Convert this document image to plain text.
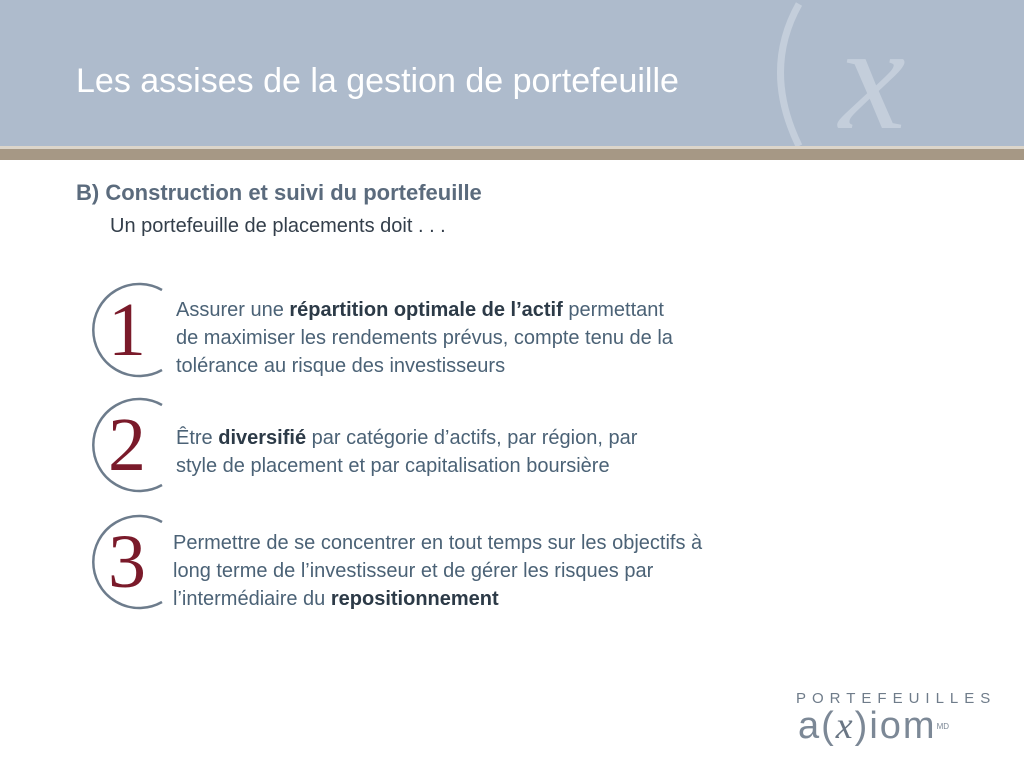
x
Les assises de la gestion de portefeuille
B) Construction et suivi du portefeuille

Un portefeuille de placements doit . . .

1	Assurer une répartition optimale de l’actif permettant
de maximiser les rendements prévus, compte tenu de la
tolérance au risque des investisseurs

2	Être diversifié par catégorie d’actifs, par région, par
style de placement et par capitalisation boursière

3	Permettre de se concentrer en tout temps sur les objectifs à
long terme de l’investisseur et de gérer les risques par
l’intermédiaire du repositionnement

PORTEFEUILLES
a(x)iom$^{MD}$
